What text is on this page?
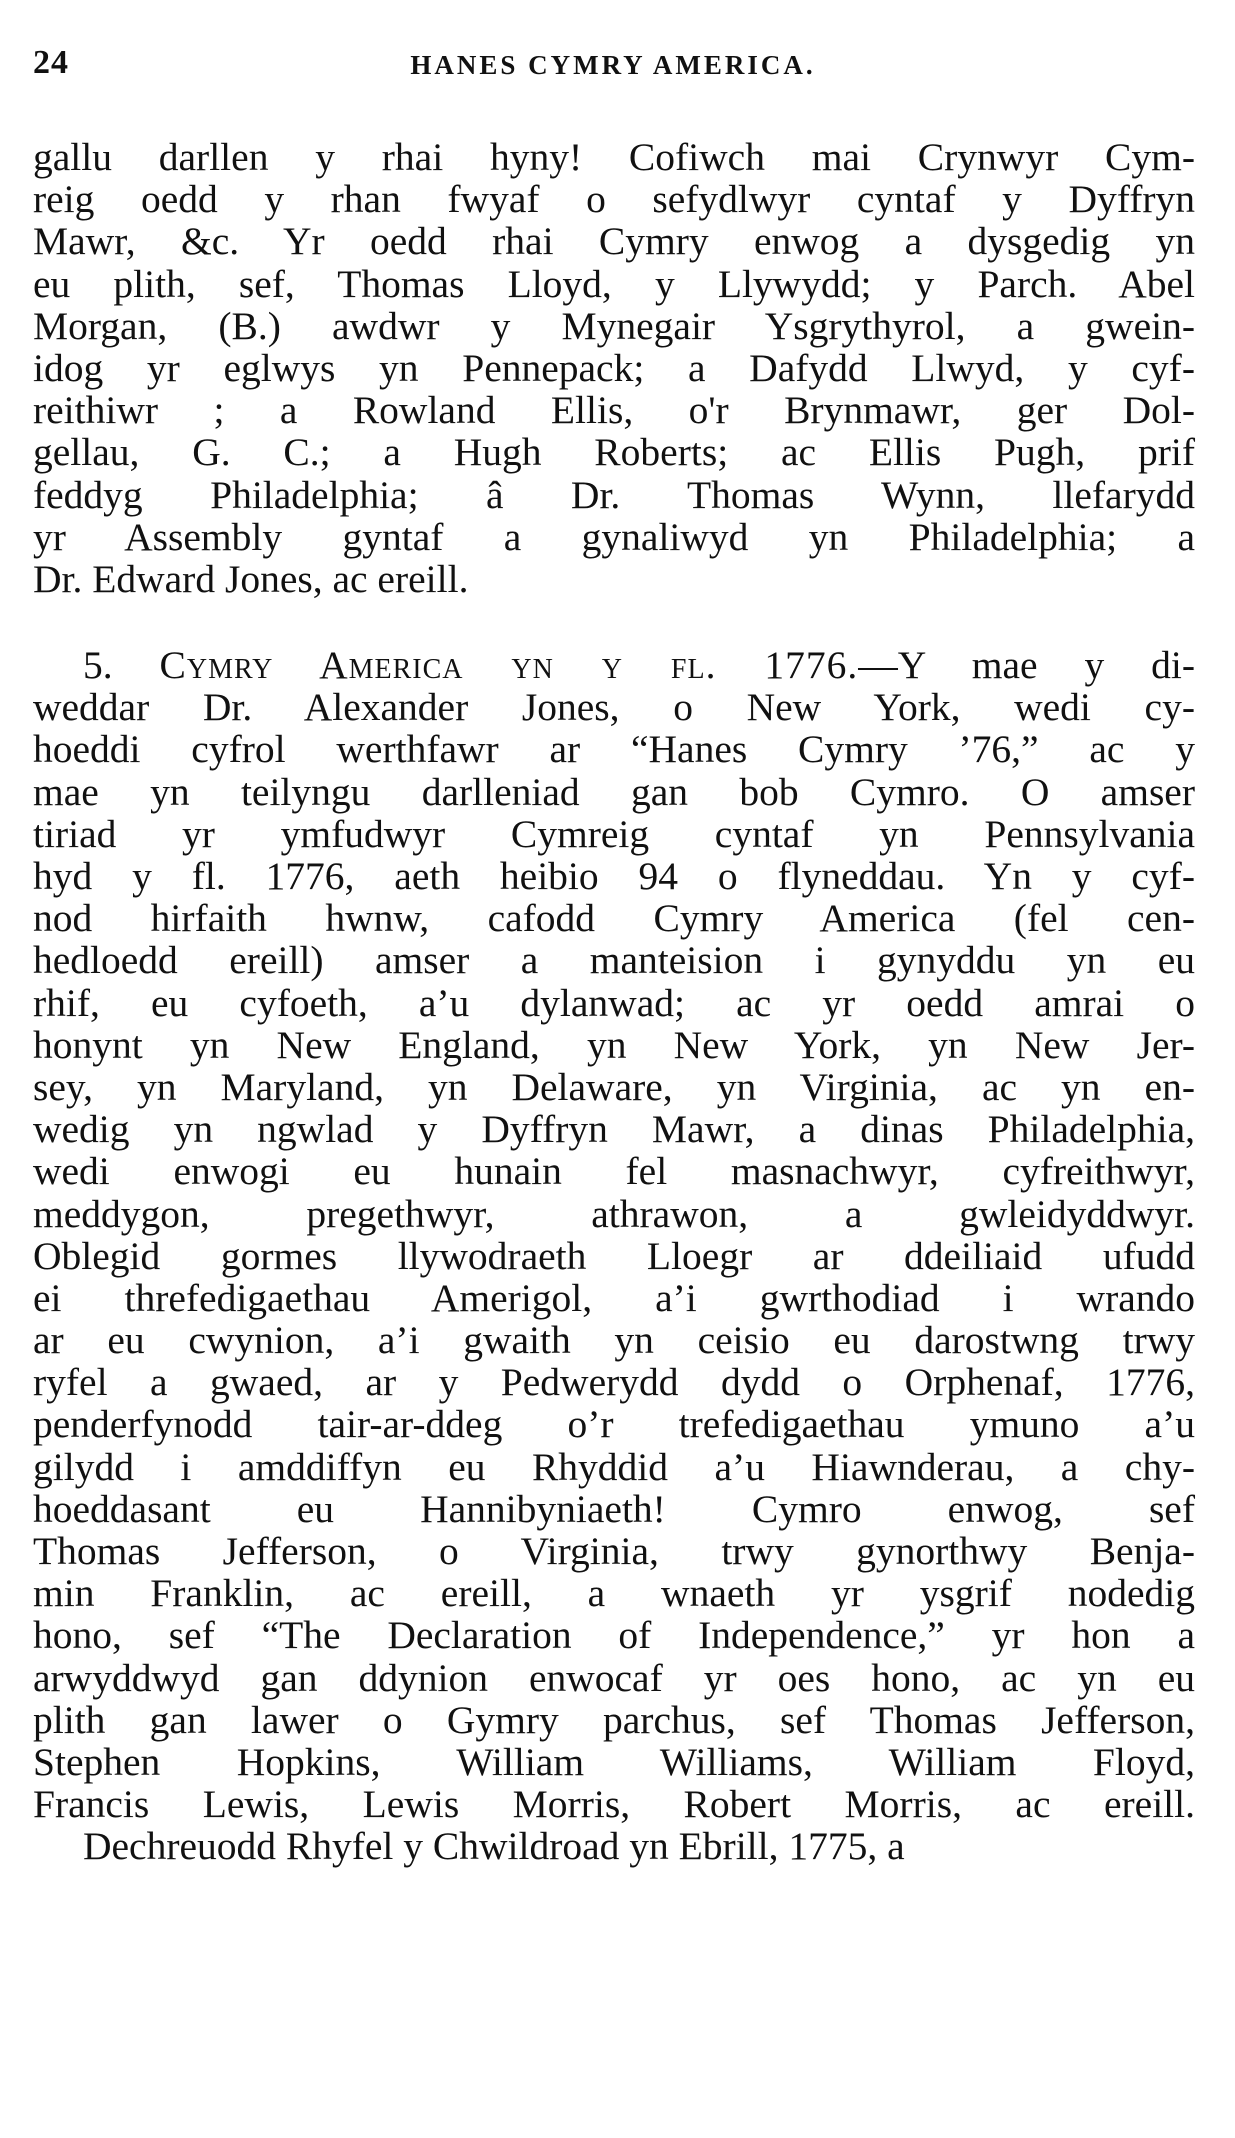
24	HANES CYMRY AMERICA.
gallu darllen y rhai hyny! Cofiwch mai Crynwyr Cym-
reig oedd y rhan fwyaf o sefydlwyr cyntaf y Dyffryn
Mawr, &c. Yr oedd rhai Cymry enwog a dysgedig yn
eu plith, sef, Thomas Lloyd, y Llywydd; y Parch. Abel
Morgan, (B.) awdwr y Mynegair Ysgrythyrol, a gwein-
idog yr eglwys yn Pennepack; a Dafydd Llwyd, y cyf-
reithiwr ; a Rowland Ellis, o'r Brynmawr, ger Dol-
gellau, G. C.; a Hugh Roberts; ac Ellis Pugh, prif
feddyg Philadelphia; â Dr. Thomas Wynn, llefarydd
yr Assembly gyntaf a gynaliwyd yn Philadelphia; a
Dr. Edward Jones, ac ereill.
5. Cymry America yn y fl. 1776.—Y mae y di-
weddar Dr. Alexander Jones, o New York, wedi cy-
hoeddi cyfrol werthfawr ar “Hanes Cymry ’76,” ac y
mae yn teilyngu darlleniad gan bob Cymro. O amser
tiriad yr ymfudwyr Cymreig cyntaf yn Pennsylvania
hyd y fl. 1776, aeth heibio 94 o flyneddau. Yn y cyf-
nod hirfaith hwnw, cafodd Cymry America (fel cen-
hedloedd ereill) amser a manteision i gynyddu yn eu
rhif, eu cyfoeth, a’u dylanwad; ac yr oedd amrai o
honynt yn New England, yn New York, yn New Jer-
sey, yn Maryland, yn Delaware, yn Virginia, ac yn en-
wedig yn ngwlad y Dyffryn Mawr, a dinas Philadelphia,
wedi enwogi eu hunain fel masnachwyr, cyfreithwyr,
meddygon, pregethwyr, athrawon, a gwleidyddwyr.
Oblegid gormes llywodraeth Lloegr ar ddeiliaid ufudd
ei threfedigaethau Amerigol, a’i gwrthodiad i wrando
ar eu cwynion, a’i gwaith yn ceisio eu darostwng trwy
ryfel a gwaed, ar y Pedwerydd dydd o Orphenaf, 1776,
penderfynodd tair-ar-ddeg o’r trefedigaethau ymuno a’u
gilydd i amddiffyn eu Rhyddid a’u Hiawnderau, a chy-
hoeddasant eu Hannibyniaeth! Cymro enwog, sef
Thomas Jefferson, o Virginia, trwy gynorthwy Benja-
min Franklin, ac ereill, a wnaeth yr ysgrif nodedig
hono, sef “The Declaration of Independence,” yr hon a
arwyddwyd gan ddynion enwocaf yr oes hono, ac yn eu
plith gan lawer o Gymry parchus, sef Thomas Jefferson,
Stephen Hopkins, William Williams, William Floyd,
Francis Lewis, Lewis Morris, Robert Morris, ac ereill.
Dechreuodd Rhyfel y Chwildroad yn Ebrill, 1775, a
